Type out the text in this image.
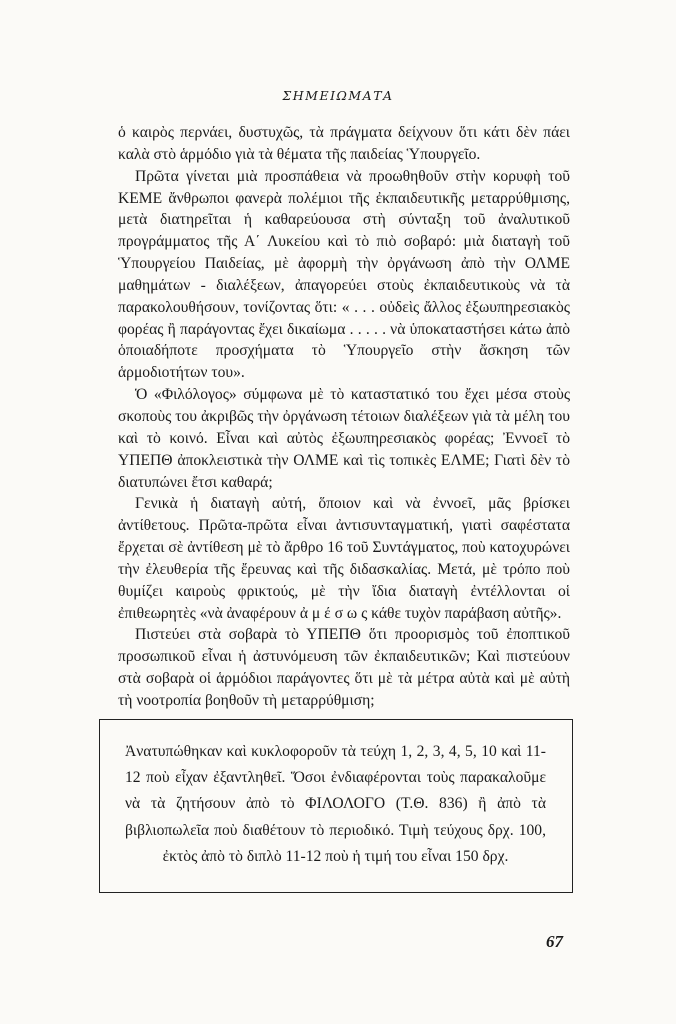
ΣΗΜΕΙΩΜΑΤΑ

ὁ καιρὸς περνάει, δυστυχῶς, τὰ πράγματα δείχνουν ὅτι κάτι δὲν πάει καλὰ στὸ ἁρμόδιο γιὰ τὰ θέματα τῆς παιδείας Ὑπουργεῖο.

Πρῶτα γίνεται μιὰ προσπάθεια νὰ προωθηθοῦν στὴν κορυφὴ τοῦ ΚΕΜΕ ἄνθρωποι φανερὰ πολέμιοι τῆς ἐκπαιδευτικῆς μεταρρύθμισης, μετὰ διατηρεῖται ἡ καθαρεύουσα στὴ σύνταξη τοῦ ἀναλυτικοῦ προγράμματος τῆς Α΄ Λυκείου καὶ τὸ πιὸ σοβαρό: μιὰ διαταγὴ τοῦ Ὑπουργείου Παιδείας, μὲ ἀφορμὴ τὴν ὀργάνωση ἀπὸ τὴν ΟΛΜΕ μαθημάτων - διαλέξεων, ἀπαγορεύει στοὺς ἐκπαιδευτικοὺς νὰ τὰ παρακολουθήσουν, τονίζοντας ὅτι: « . . . οὐδεὶς ἄλλος ἐξωυπηρεσιακὸς φορέας ἢ παράγοντας ἔχει δικαίωμα . . . . . νὰ ὑποκαταστήσει κάτω ἀπὸ ὁποιαδήποτε προσχήματα τὸ Ὑπουργεῖο στὴν ἄσκηση τῶν ἁρμοδιοτήτων του».

Ὁ «Φιλόλογος» σύμφωνα μὲ τὸ καταστατικό του ἔχει μέσα στοὺς σκοποὺς του ἀκριβῶς τὴν ὀργάνωση τέτοιων διαλέξεων γιὰ τὰ μέλη του καὶ τὸ κοινό. Εἶναι καὶ αὐτὸς ἐξωυπηρεσιακὸς φορέας; Ἐννοεῖ τὸ ΥΠΕΠΘ ἀποκλειστικὰ τὴν ΟΛΜΕ καὶ τὶς τοπικὲς ΕΛΜΕ; Γιατὶ δὲν τὸ διατυπώνει ἔτσι καθαρά;

Γενικὰ ἡ διαταγὴ αὐτή, ὅποιον καὶ νὰ ἐννοεῖ, μᾶς βρίσκει ἀντίθετους. Πρῶτα-πρῶτα εἶναι ἀντισυνταγματική, γιατὶ σαφέστατα ἔρχεται σὲ ἀντίθεση μὲ τὸ ἄρθρο 16 τοῦ Συντάγματος, ποὺ κατοχυρώνει τὴν ἐλευθερία τῆς ἔρευνας καὶ τῆς διδασκαλίας. Μετά, μὲ τρόπο ποὺ θυμίζει καιροὺς φρικτούς, μὲ τὴν ἴδια διαταγὴ ἐντέλλονται οἱ ἐπιθεωρητὲς «νὰ ἀναφέρουν ἀ μ έ σ ω ς κάθε τυχὸν παράβαση αὐτῆς».

Πιστεύει στὰ σοβαρὰ τὸ ΥΠΕΠΘ ὅτι προορισμὸς τοῦ ἐποπτικοῦ προσωπικοῦ εἶναι ἡ ἀστυνόμευση τῶν ἐκπαιδευτικῶν; Καὶ πιστεύουν στὰ σοβαρὰ οἱ ἁρμόδιοι παράγοντες ὅτι μὲ τὰ μέτρα αὐτὰ καὶ μὲ αὐτὴ τὴ νοοτροπία βοηθοῦν τὴ μεταρρύθμιση;

Ἀνατυπώθηκαν καὶ κυκλοφοροῦν τὰ τεύχη 1, 2, 3, 4, 5, 10 καὶ 11-12 ποὺ εἶχαν ἐξαντληθεῖ. Ὅσοι ἐνδιαφέρονται τοὺς παρακαλοῦμε νὰ τὰ ζητήσουν ἀπὸ τὸ ΦΙΛΟΛΟΓΟ (Τ.Θ. 836) ἢ ἀπὸ τὰ βιβλιοπωλεῖα ποὺ διαθέτουν τὸ περιοδικό. Τιμὴ τεύχους δρχ. 100, ἐκτὸς ἀπὸ τὸ διπλὸ 11-12 ποὺ ἡ τιμή του εἶναι 150 δρχ.
67
